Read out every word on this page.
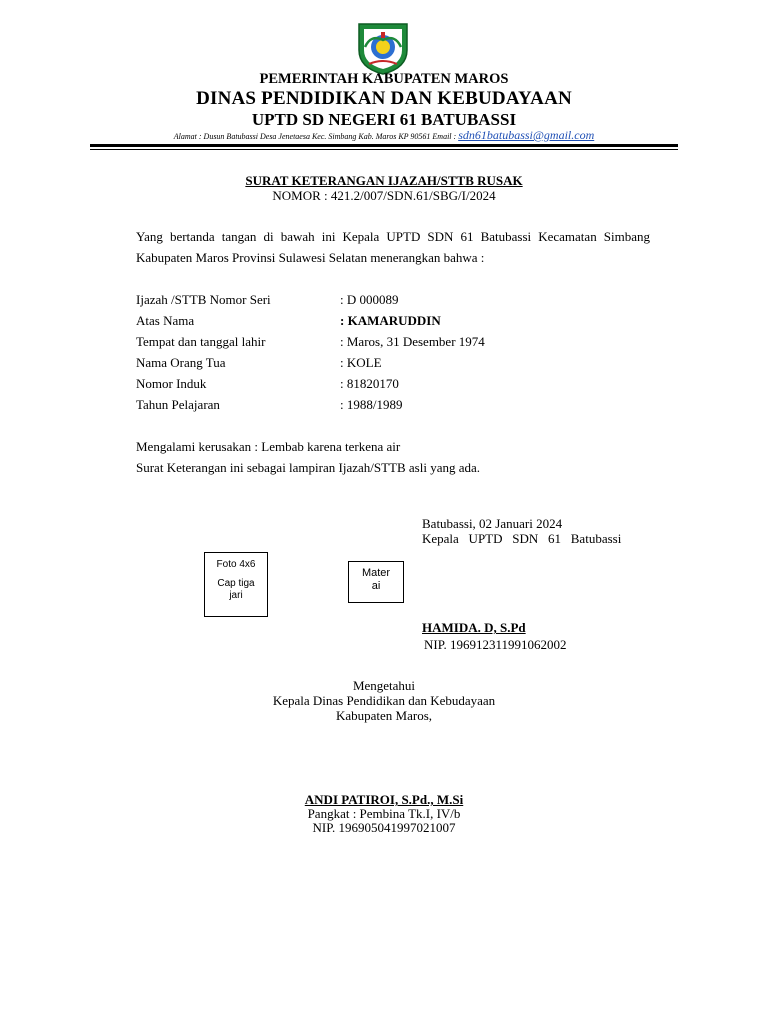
PEMERINTAH KABUPATEN MAROS
DINAS PENDIDIKAN DAN KEBUDAYAAN
UPTD SD NEGERI 61 BATUBASSI
Alamat : Dusun Batubassi Desa Jenetaesa Kec. Simbang Kab. Maros KP 90561 Email : sdn61batubassi@gmail.com
SURAT KETERANGAN IJAZAH/STTB RUSAK
NOMOR : 421.2/007/SDN.61/SBG/I/2024
Yang bertanda tangan di bawah ini Kepala UPTD SDN 61 Batubassi Kecamatan Simbang
Kabupaten Maros Provinsi Sulawesi Selatan menerangkan bahwa :
Ijazah /STTB Nomor Seri	: D 000089
Atas Nama	: KAMARUDDIN
Tempat dan tanggal lahir	: Maros, 31 Desember 1974
Nama Orang Tua	: KOLE
Nomor Induk	: 81820170
Tahun Pelajaran	: 1988/1989
Mengalami kerusakan : Lembab karena terkena air
Surat Keterangan ini sebagai lampiran Ijazah/STTB asli yang ada.
Batubassi, 02 Januari 2024
Kepala   UPTD   SDN   61   Batubassi
Foto 4x6
Cap tiga
jari
Mater
ai
HAMIDA. D, S.Pd
NIP. 196912311991062002
Mengetahui
Kepala Dinas Pendidikan dan Kebudayaan
Kabupaten Maros,
ANDI PATIROI, S.Pd., M.Si
Pangkat : Pembina Tk.I, IV/b
NIP. 196905041997021007
